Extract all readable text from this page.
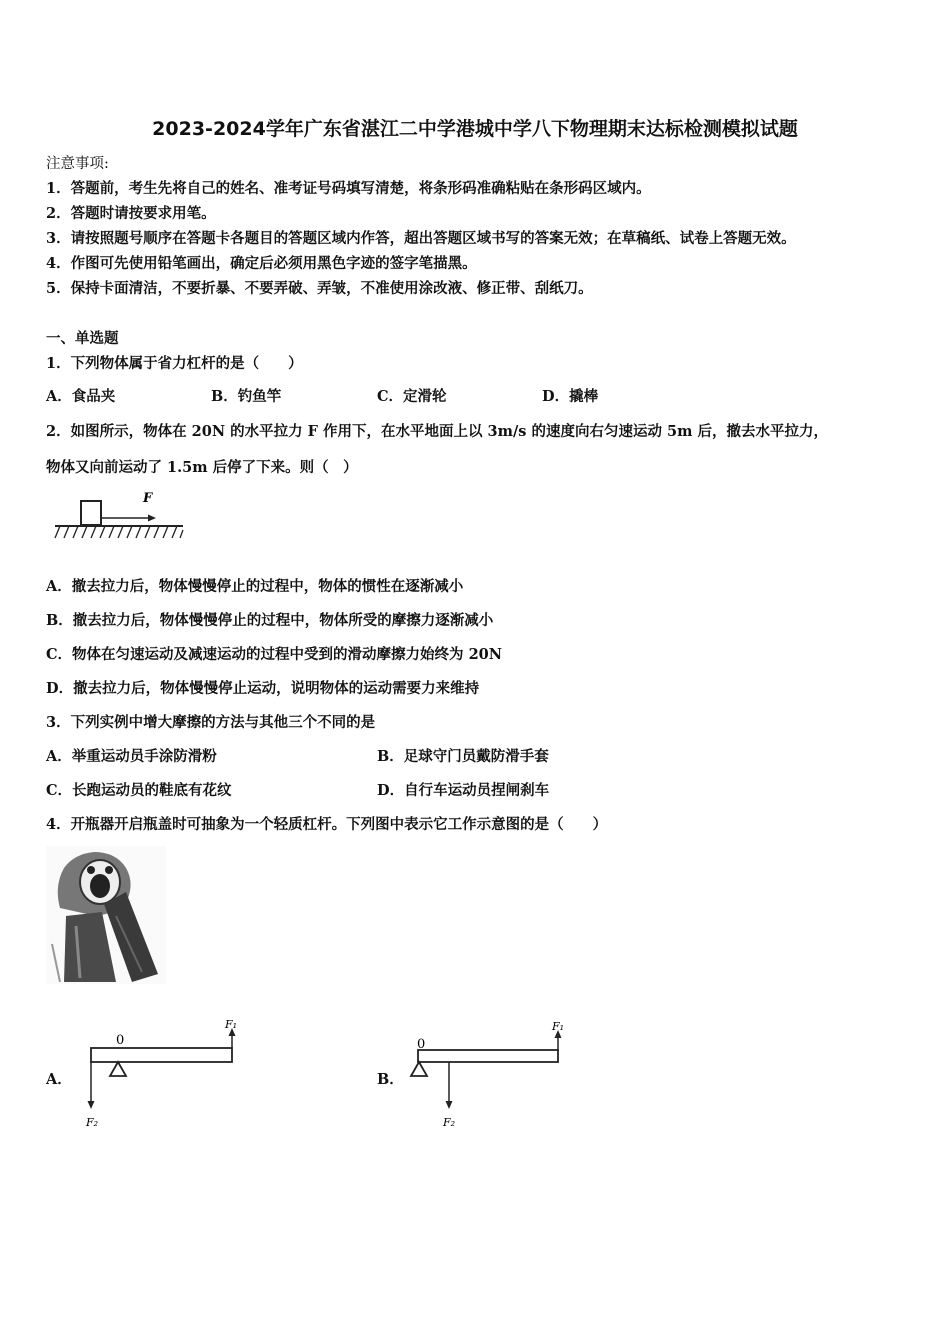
2023-2024学年广东省湛江二中学港城中学八下物理期末达标检测模拟试题
注意事项:
1．答题前，考生先将自己的姓名、准考证号码填写清楚，将条形码准确粘贴在条形码区域内。
2．答题时请按要求用笔。
3．请按照题号顺序在答题卡各题目的答题区域内作答，超出答题区域书写的答案无效；在草稿纸、试卷上答题无效。
4．作图可先使用铅笔画出，确定后必须用黑色字迹的签字笔描黑。
5．保持卡面清洁，不要折暴、不要弄破、弄皱，不准使用涂改液、修正带、刮纸刀。
一、单选题
1．下列物体属于省力杠杆的是（　　）
A．食品夹	B．钓鱼竿	C．定滑轮	D．撬棒
2．如图所示，物体在 20N 的水平拉力 F 作用下，在水平地面上以 3m/s 的速度向右匀速运动 5m 后，撤去水平拉力，
物体又向前运动了 1.5m 后停了下来。则（　）
F
A．撤去拉力后，物体慢慢停止的过程中，物体的惯性在逐渐减小
B．撤去拉力后，物体慢慢停止的过程中，物体所受的摩擦力逐渐减小
C．物体在匀速运动及减速运动的过程中受到的滑动摩擦力始终为 20N
D．撤去拉力后，物体慢慢停止运动，说明物体的运动需要力来维持
3．下列实例中增大摩擦的方法与其他三个不同的是
A．举重运动员手涂防滑粉	B．足球守门员戴防滑手套
C．长跑运动员的鞋底有花纹	D．自行车运动员捏闸刹车
4．开瓶器开启瓶盖时可抽象为一个轻质杠杆。下列图中表示它工作示意图的是（　　）
A．
0
F₁
F₂
B．
0
F₁
F₂
